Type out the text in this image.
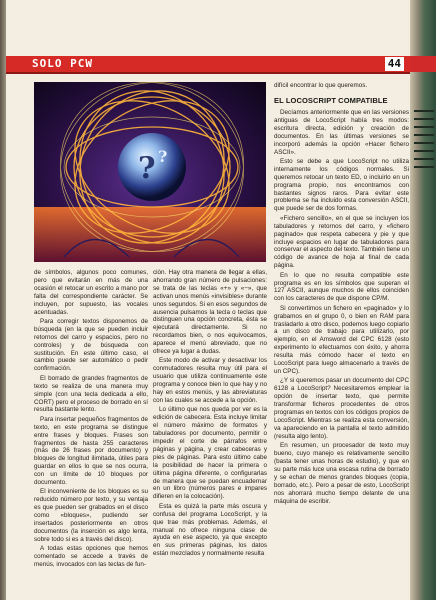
SOLO PCW	44
? ?

de símbolos, algunos poco comunes, pero que evitarán en más de una ocasión el retocar un escrito a mano por falta del correspondiente carácter. Se incluyen, por supuesto, las vocales acentuadas.

Para corregir textos disponemos de búsqueda (en la que se pueden incluir retornos del carro y espacios, pero no controles) y de búsqueda con sustitución. En este último caso, el cambio puede ser automático o pedir confirmación.

El borrado de grandes fragmentos de texto se realiza de una manera muy simple (con una tecla dedicada a ello, CORT) pero el proceso de borrado en sí resulta bastante lento.

Para insertar pequeños fragmentos de texto, en este programa se distingue entre frases y bloques. Frases son fragmentos de hasta 255 caracteres (más de 26 frases por documento) y bloques de longitud ilimitada, útiles para guardar en ellos lo que se nos ocurra, con un límite de 10 bloques por documento.

El inconveniente de los bloques es su reducido número por texto, y su ventaja es que pueden ser grabados en el disco como «bloques», pudiendo ser insertados posteriormente en otros documentos (la inserción es algo lenta, sobre todo si es a través del disco).

A todas estas opciones que hemos comentado se accede a través de menús, invocados con las teclas de fun-

ción. Hay otra manera de llegar a ellas, ahorrando gran número de pulsaciones: se trata de las teclas «+» y «−», que activan unos menús «invisibles» durante unos segundos. Si en esos segundos de ausencia pulsamos la tecla o teclas que distinguen una opción concreta, ésta se ejecutará directamente. Si no recordamos bien, o nos equivocamos, aparece el menú abreviado, que no ofrece ya lugar a dudas.

Este modo de activar y desactivar los conmutadores resulta muy útil para el usuario que utiliza continuamente este programa y conoce bien lo que hay y no hay en estos menús, y las abreviaturas con las cuales se accede a la opción.

Lo último que nos queda por ver es la edición de cabecera. Esta incluye limitar el número máximo de formatos y tabuladores por documento, permitir o impedir el corte de párrafos entre páginas y página, y crear cabeceras y pies de páginas. Para esto último cabe la posibilidad de hacer la primera o última página diferente, o configurarlas de manera que se puedan encuadernar en un libro (números pares e impares difieren en la colocación).

Esta es quizá la parte más oscura y confusa del programa LocoScript, y la que trae más problemas. Además, el manual no ofrece ninguna clase de ayuda en ese aspecto, ya que excepto en sus primeras páginas, los datos están mezclados y normalmente resulta

difícil encontrar lo que queremos.
EL LOCOSCRIPT COMPATIBLE

Decíamos anteriormente que en las versiones antiguas de LocoScript había tres modos: escritura directa, edición y creación de documentos. En las últimas versiones se incorporó además la opción «Hacer fichero ASCII».

Esto se debe a que LocoScript no utiliza internamente los códigos normales. Si queremos retocar un texto ED, o incluirlo en un programa propio, nos encontramos con bastantes signos raros. Para evitar este problema se ha incluido esta conversión ASCII, que puede ser de dos formas.

«Fichero sencillo», en el que se incluyen los tabuladores y retornos del carro, y «fichero paginado» que respeta cabecera y pie y que incluye espacios en lugar de tabuladores para conservar el aspecto del texto. También tiene un código de avance de hoja al final de cada página.

En lo que no resulta compatible este programa es en los símbolos que superan el 127 ASCII, aunque muchos de ellos coinciden con los caracteres de que dispone CP/M.

Si convertimos un fichero en «paginado» y lo grabamos en el grupo 0, o bien en RAM para trasladarlo a otro disco, podemos luego copiarlo a un disco de trabajo para utilizarlo, por ejemplo, en el Amsword del CPC 6128 (esto experimento lo efectuamos con éxito, y ahorra resulta más cómodo hacer el texto en LocoScript para luego almacenarlo a través de un CPC).

¿Y si queremos pasar un documento del CPC 6128 a LocoScript? Necesitaremos emplear la opción de insertar texto, que permite transformar ficheros procedentes de otros programas en textos con los códigos propios de LocoScript. Mientras se realiza esta conversión, va apareciendo en la pantalla el texto admitido (resulta algo lento).

En resumen, un procesador de texto muy bueno, cuyo manejo es relativamente sencillo (basta tener unas horas de estudio), y que en su parte más luce una escasa rutina de borrado y se echan de menos grandes bloques (copia, borrado, etc.). Pero a pesar de esto, LocoScript nos ahorrará mucho tiempo delante de una máquina de escribir.
